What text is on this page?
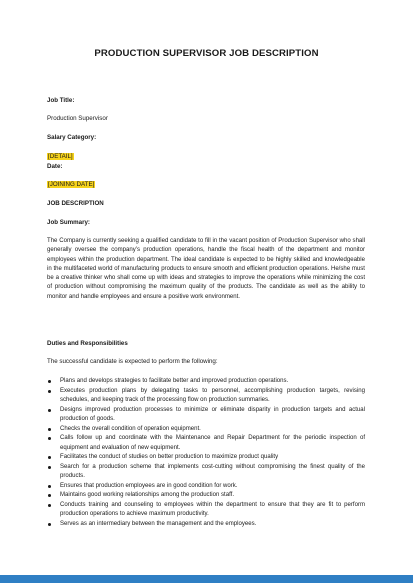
PRODUCTION SUPERVISOR JOB DESCRIPTION
Job Title:
Production Supervisor
Salary Category:
[DETAIL]
Date:
[JOINING DATE]
JOB DESCRIPTION
Job Summary:
The Company is currently seeking a qualified candidate to fill in the vacant position of Production Supervisor who shall generally oversee the company’s production operations, handle the fiscal health of the department and monitor employees within the production department. The ideal candidate is expected to be highly skilled and knowledgeable in the multifaceted world of manufacturing products to ensure smooth and efficient production operations. He/she must be a creative thinker who shall come up with ideas and strategies to improve the operations while minimizing the cost of production without compromising the maximum quality of the products. The candidate as well as the ability to monitor and handle employees and ensure a positive work environment.
Duties and Responsibilities
The successful candidate is expected to perform the following:
Plans and develops strategies to facilitate better and improved production operations.
Executes production plans by delegating tasks to personnel, accomplishing production targets, revising schedules, and keeping track of the processing flow on production summaries.
Designs improved production processes to minimize or eliminate disparity in production targets and actual production of goods.
Checks the overall condition of operation equipment.
Calls follow up and coordinate with the Maintenance and Repair Department for the periodic inspection of equipment and evaluation of new equipment.
Facilitates the conduct of studies on better production to maximize product quality
Search for a production scheme that implements cost-cutting without compromising the finest quality of the products.
Ensures that production employees are in good condition for work.
Maintains good working relationships among the production staff.
Conducts training and counseling to employees within the department to ensure that they are fit to perform production operations to achieve maximum productivity.
Serves as an intermediary between the management and the employees.
